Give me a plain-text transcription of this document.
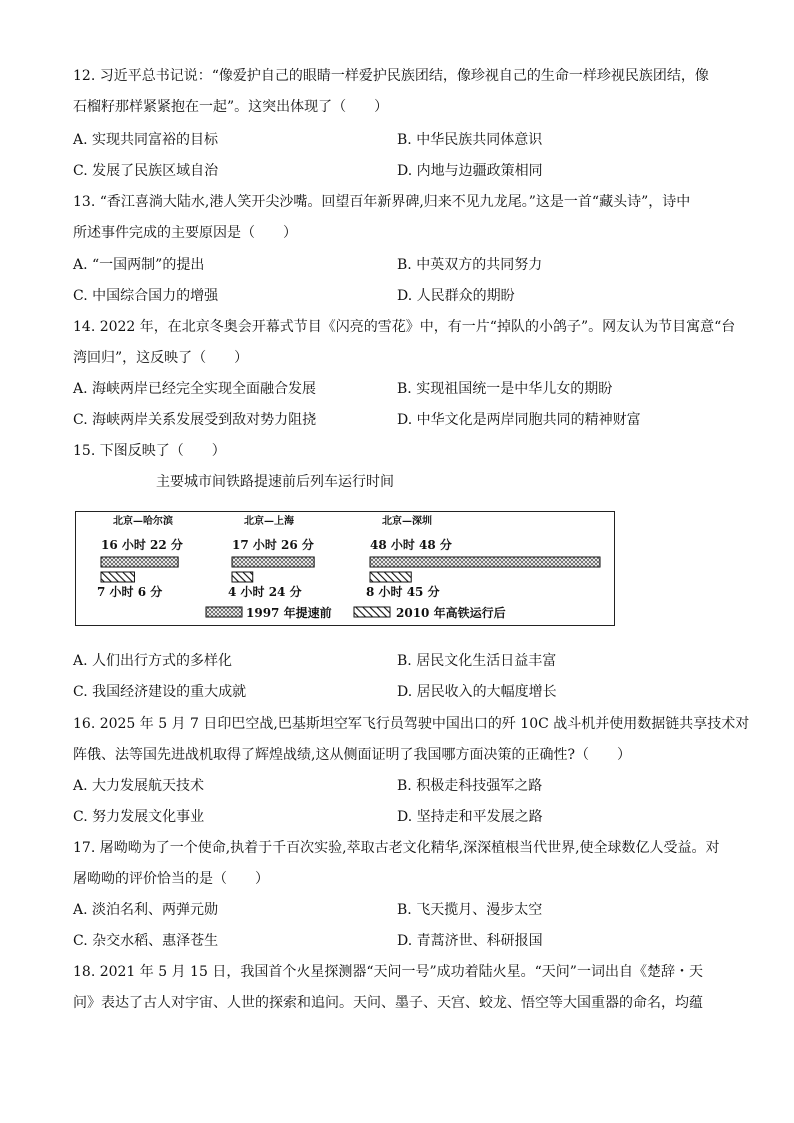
12. 习近平总书记说：“像爱护自己的眼睛一样爱护民族团结，像珍视自己的生命一样珍视民族团结，像
石榴籽那样紧紧抱在一起”。这突出体现了（　　）
A. 实现共同富裕的目标	B. 中华民族共同体意识
C. 发展了民族区域自治	D. 内地与边疆政策相同
13. “香江喜淌大陆水,港人笑开尖沙嘴。回望百年新界碑,归来不见九龙尾。”这是一首“藏头诗”，诗中
所述事件完成的主要原因是（　　）
A. “一国两制”的提出	B. 中英双方的共同努力
C. 中国综合国力的增强	D. 人民群众的期盼
14. 2022 年，在北京冬奥会开幕式节目《闪亮的雪花》中，有一片“掉队的小鸽子”。网友认为节目寓意“台
湾回归”，这反映了（　　）
A. 海峡两岸已经完全实现全面融合发展	B. 实现祖国统一是中华儿女的期盼
C. 海峡两岸关系发展受到敌对势力阻挠	D. 中华文化是两岸同胞共同的精神财富
15. 下图反映了（　　）
主要城市间铁路提速前后列车运行时间
北京—哈尔滨
16 小时 22 分
7 小时 6 分
北京—上海
17 小时 26 分
4 小时 24 分
北京—深圳
48 小时 48 分
8 小时 45 分
1997 年提速前	2010 年高铁运行后
A. 人们出行方式的多样化	B. 居民文化生活日益丰富
C. 我国经济建设的重大成就	D. 居民收入的大幅度增长
16. 2025 年 5 月 7 日印巴空战,巴基斯坦空军飞行员驾驶中国出口的歼 10C 战斗机并使用数据链共享技术对
阵俄、法等国先进战机取得了辉煌战绩,这从侧面证明了我国哪方面决策的正确性?（　　）
A. 大力发展航天技术	B. 积极走科技强军之路
C. 努力发展文化事业	D. 坚持走和平发展之路
17. 屠呦呦为了一个使命,执着于千百次实验,萃取古老文化精华,深深植根当代世界,使全球数亿人受益。对
屠呦呦的评价恰当的是（　　）
A. 淡泊名利、两弹元勋	B. 飞天揽月、漫步太空
C. 杂交水稻、惠泽苍生	D. 青蒿济世、科研报国
18. 2021 年 5 月 15 日，我国首个火星探测器“天问一号”成功着陆火星。“天问”一词出自《楚辞・天
问》表达了古人对宇宙、人世的探索和追问。天问、墨子、天宫、蛟龙、悟空等大国重器的命名，均蕴
